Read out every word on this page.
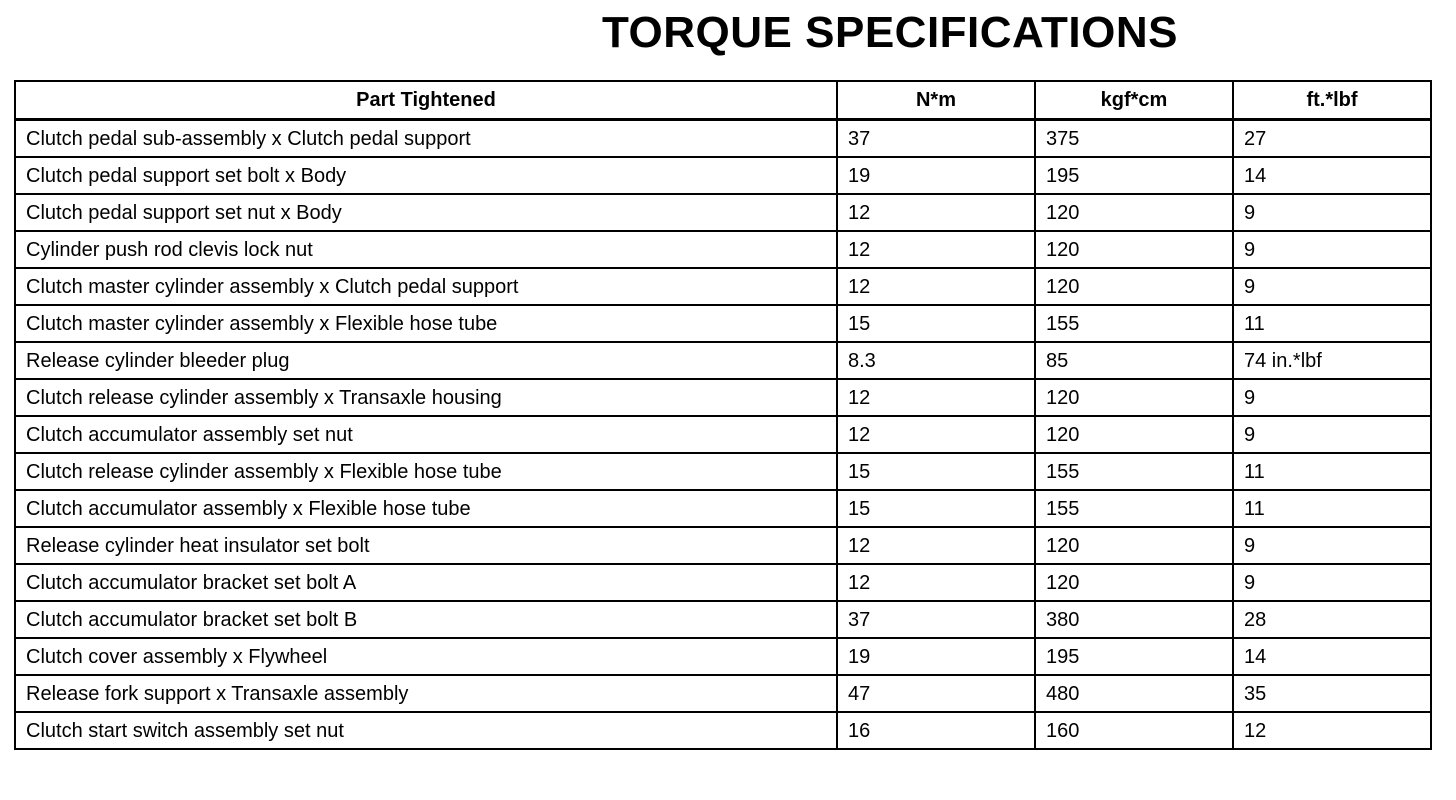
TORQUE SPECIFICATIONS
Part Tightened	N*m	kgf*cm	ft.*lbf
Clutch pedal sub-assembly x Clutch pedal support	37	375	27
Clutch pedal support set bolt x Body	19	195	14
Clutch pedal support set nut x Body	12	120	9
Cylinder push rod clevis lock nut	12	120	9
Clutch master cylinder assembly x Clutch pedal support	12	120	9
Clutch master cylinder assembly x Flexible hose tube	15	155	11
Release cylinder bleeder plug	8.3	85	74 in.*lbf
Clutch release cylinder assembly x Transaxle housing	12	120	9
Clutch accumulator assembly set nut	12	120	9
Clutch release cylinder assembly x Flexible hose tube	15	155	11
Clutch accumulator assembly x Flexible hose tube	15	155	11
Release cylinder heat insulator set bolt	12	120	9
Clutch accumulator bracket set bolt A	12	120	9
Clutch accumulator bracket set bolt B	37	380	28
Clutch cover assembly x Flywheel	19	195	14
Release fork support x Transaxle assembly	47	480	35
Clutch start switch assembly set nut	16	160	12
